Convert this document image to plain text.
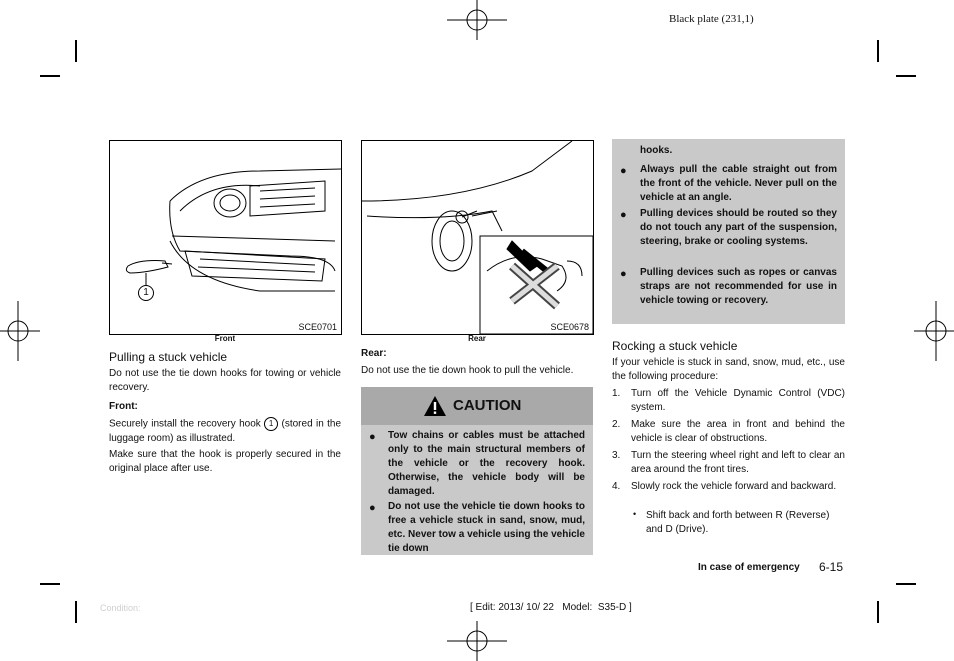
Black plate (231,1)
1
SCE0701
Front
Pulling a stuck vehicle
Do not use the tie down hooks for towing or vehicle recovery.
Front:
Securely install the recovery hook 1 (stored in the luggage room) as illustrated.
Make sure that the hook is properly secured in the original place after use.
SCE0678
Rear
Rear:
Do not use the tie down hook to pull the vehicle.
CAUTION
● Tow chains or cables must be attached only to the main structural members of the vehicle or the recovery hook. Otherwise, the vehicle body will be damaged.
● Do not use the vehicle tie down hooks to free a vehicle stuck in sand, snow, mud, etc. Never tow a vehicle using the vehicle tie down
hooks.
● Always pull the cable straight out from the front of the vehicle. Never pull on the vehicle at an angle.
● Pulling devices should be routed so they do not touch any part of the suspension, steering, brake or cooling systems.
● Pulling devices such as ropes or canvas straps are not recommended for use in vehicle towing or recovery.
Rocking a stuck vehicle
If your vehicle is stuck in sand, snow, mud, etc., use the following procedure:
1. Turn off the Vehicle Dynamic Control (VDC) system.
2. Make sure the area in front and behind the vehicle is clear of obstructions.
3. Turn the steering wheel right and left to clear an area around the front tires.
4. Slowly rock the vehicle forward and backward.
• Shift back and forth between R (Reverse) and D (Drive).
In case of emergency 6-15
Condition:	[ Edit: 2013/ 10/ 22   Model:  S35-D ]
